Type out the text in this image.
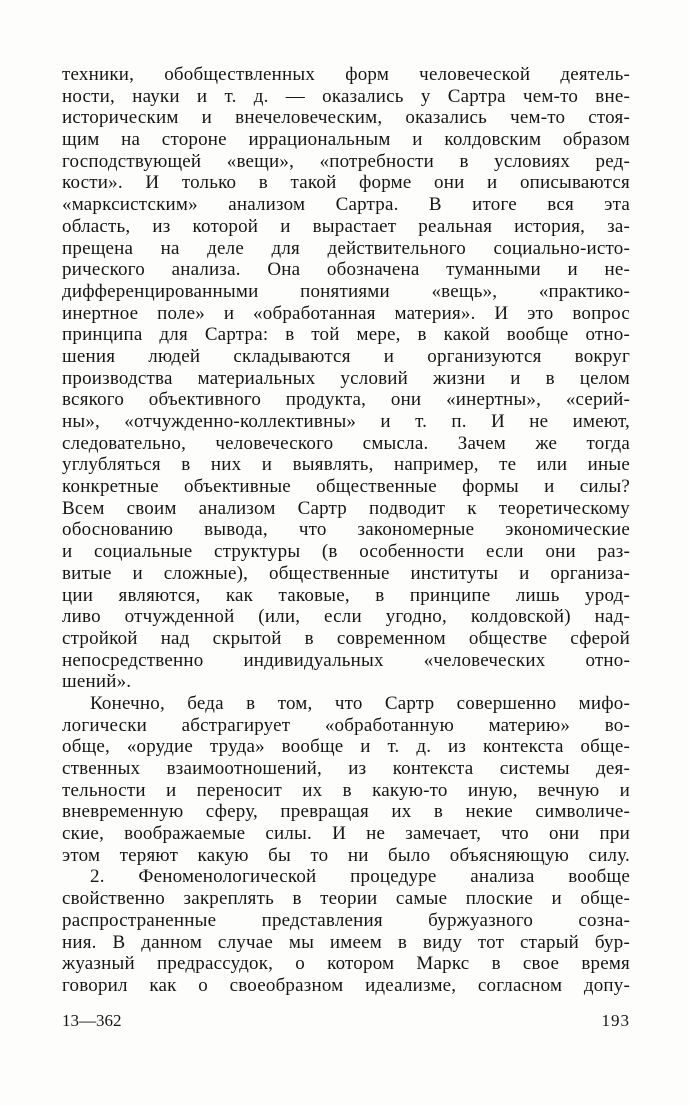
техники, обобществленных форм человеческой деятель-
ности, науки и т. д. — оказались у Сартра чем-то вне-
историческим и внечеловеческим, оказались чем-то стоя-
щим на стороне иррациональным и колдовским образом
господствующей «вещи», «потребности в условиях ред-
кости». И только в такой форме они и описываются
«марксистским» анализом Сартра. В итоге вся эта
область, из которой и вырастает реальная история, за-
прещена на деле для действительного социально-исто-
рического анализа. Она обозначена туманными и не-
дифференцированными понятиями «вещь», «практико-
инертное поле» и «обработанная материя». И это вопрос
принципа для Сартра: в той мере, в какой вообще отно-
шения людей складываются и организуются вокруг
производства материальных условий жизни и в целом
всякого объективного продукта, они «инертны», «серий-
ны», «отчужденно-коллективны» и т. п. И не имеют,
следовательно, человеческого смысла. Зачем же тогда
углубляться в них и выявлять, например, те или иные
конкретные объективные общественные формы и силы?
Всем своим анализом Сартр подводит к теоретическому
обоснованию вывода, что закономерные экономические
и социальные структуры (в особенности если они раз-
витые и сложные), общественные институты и организа-
ции являются, как таковые, в принципе лишь урод-
ливо отчужденной (или, если угодно, колдовской) над-
стройкой над скрытой в современном обществе сферой
непосредственно индивидуальных «человеческих отно-
шений».
Конечно, беда в том, что Сартр совершенно мифо-
логически абстрагирует «обработанную материю» во-
обще, «орудие труда» вообще и т. д. из контекста обще-
ственных взаимоотношений, из контекста системы дея-
тельности и переносит их в какую-то иную, вечную и
вневременную сферу, превращая их в некие символиче-
ские, воображаемые силы. И не замечает, что они при
этом теряют какую бы то ни было объясняющую силу.
2. Феноменологической процедуре анализа вообще
свойственно закреплять в теории самые плоские и обще-
распространенные представления буржуазного созна-
ния. В данном случае мы имеем в виду тот старый бур-
жуазный предрассудок, о котором Маркс в свое время
говорил как о своеобразном идеализме, согласном допу-
13—362	193
